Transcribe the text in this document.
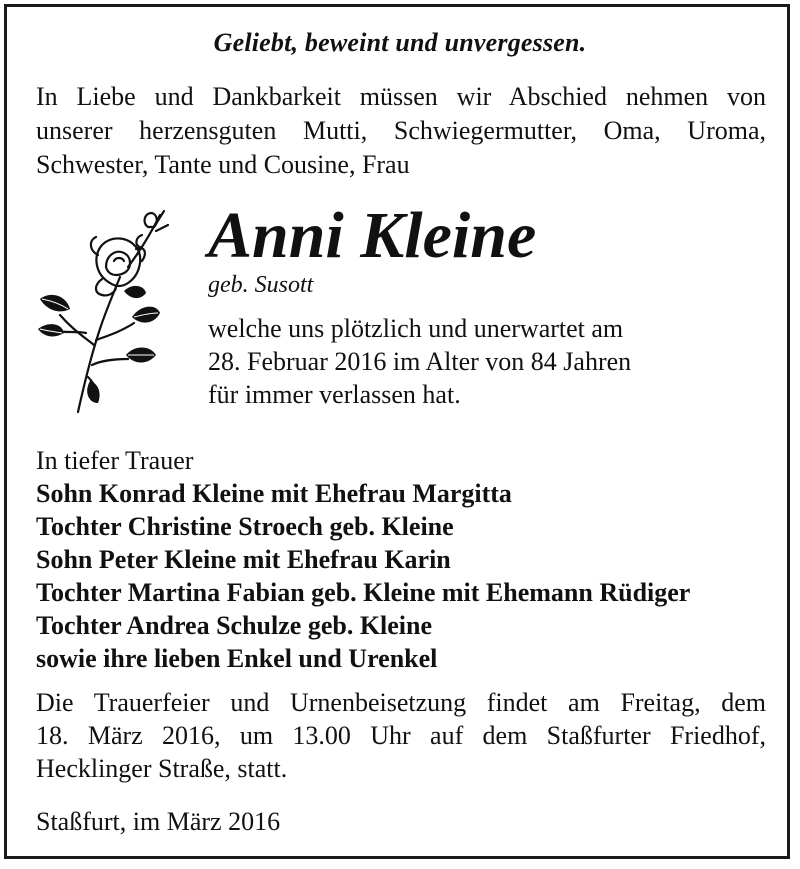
Geliebt, beweint und unvergessen.
In Liebe und Dankbarkeit müssen wir Abschied nehmen von
unserer herzensguten Mutti, Schwiegermutter, Oma, Uroma,
Schwester, Tante und Cousine, Frau
Anni Kleine
geb. Susott
welche uns plötzlich und unerwartet am
28. Februar 2016 im Alter von 84 Jahren
für immer verlassen hat.
In tiefer Trauer
Sohn Konrad Kleine mit Ehefrau Margitta
Tochter Christine Stroech geb. Kleine
Sohn Peter Kleine mit Ehefrau Karin
Tochter Martina Fabian geb. Kleine mit Ehemann Rüdiger
Tochter Andrea Schulze geb. Kleine
sowie ihre lieben Enkel und Urenkel
Die Trauerfeier und Urnenbeisetzung findet am Freitag, dem
18. März 2016, um 13.00 Uhr auf dem Staßfurter Friedhof,
Hecklinger Straße, statt.
Staßfurt, im März 2016
